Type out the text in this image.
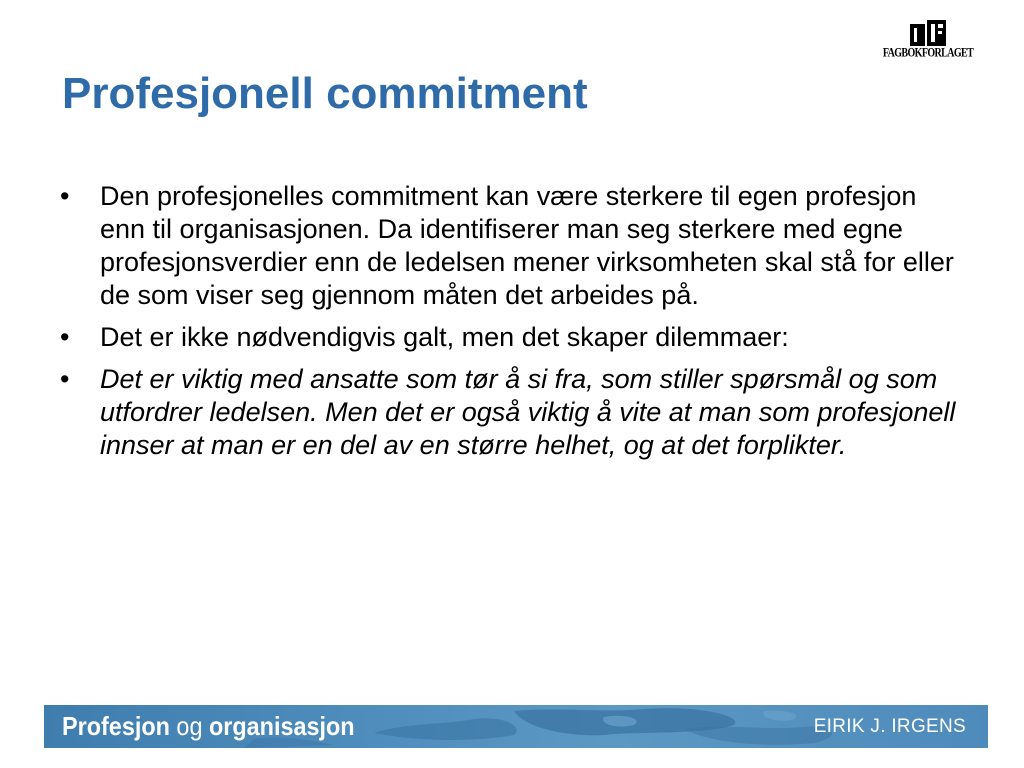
FAGBOKFORLAGET
Profesjonell commitment
• Den profesjonelles commitment kan være sterkere til egen profesjon enn til organisasjonen. Da identifiserer man seg sterkere med egne profesjonsverdier enn de ledelsen mener virksomheten skal stå for eller de som viser seg gjennom måten det arbeides på.
• Det er ikke nødvendigvis galt, men det skaper dilemmaer:
• Det er viktig med ansatte som tør å si fra, som stiller spørsmål og som utfordrer ledelsen. Men det er også viktig å vite at man som profesjonell innser at man er en del av en større helhet, og at det forplikter.
Profesjon og organisasjon	EIRIK J. IRGENS
